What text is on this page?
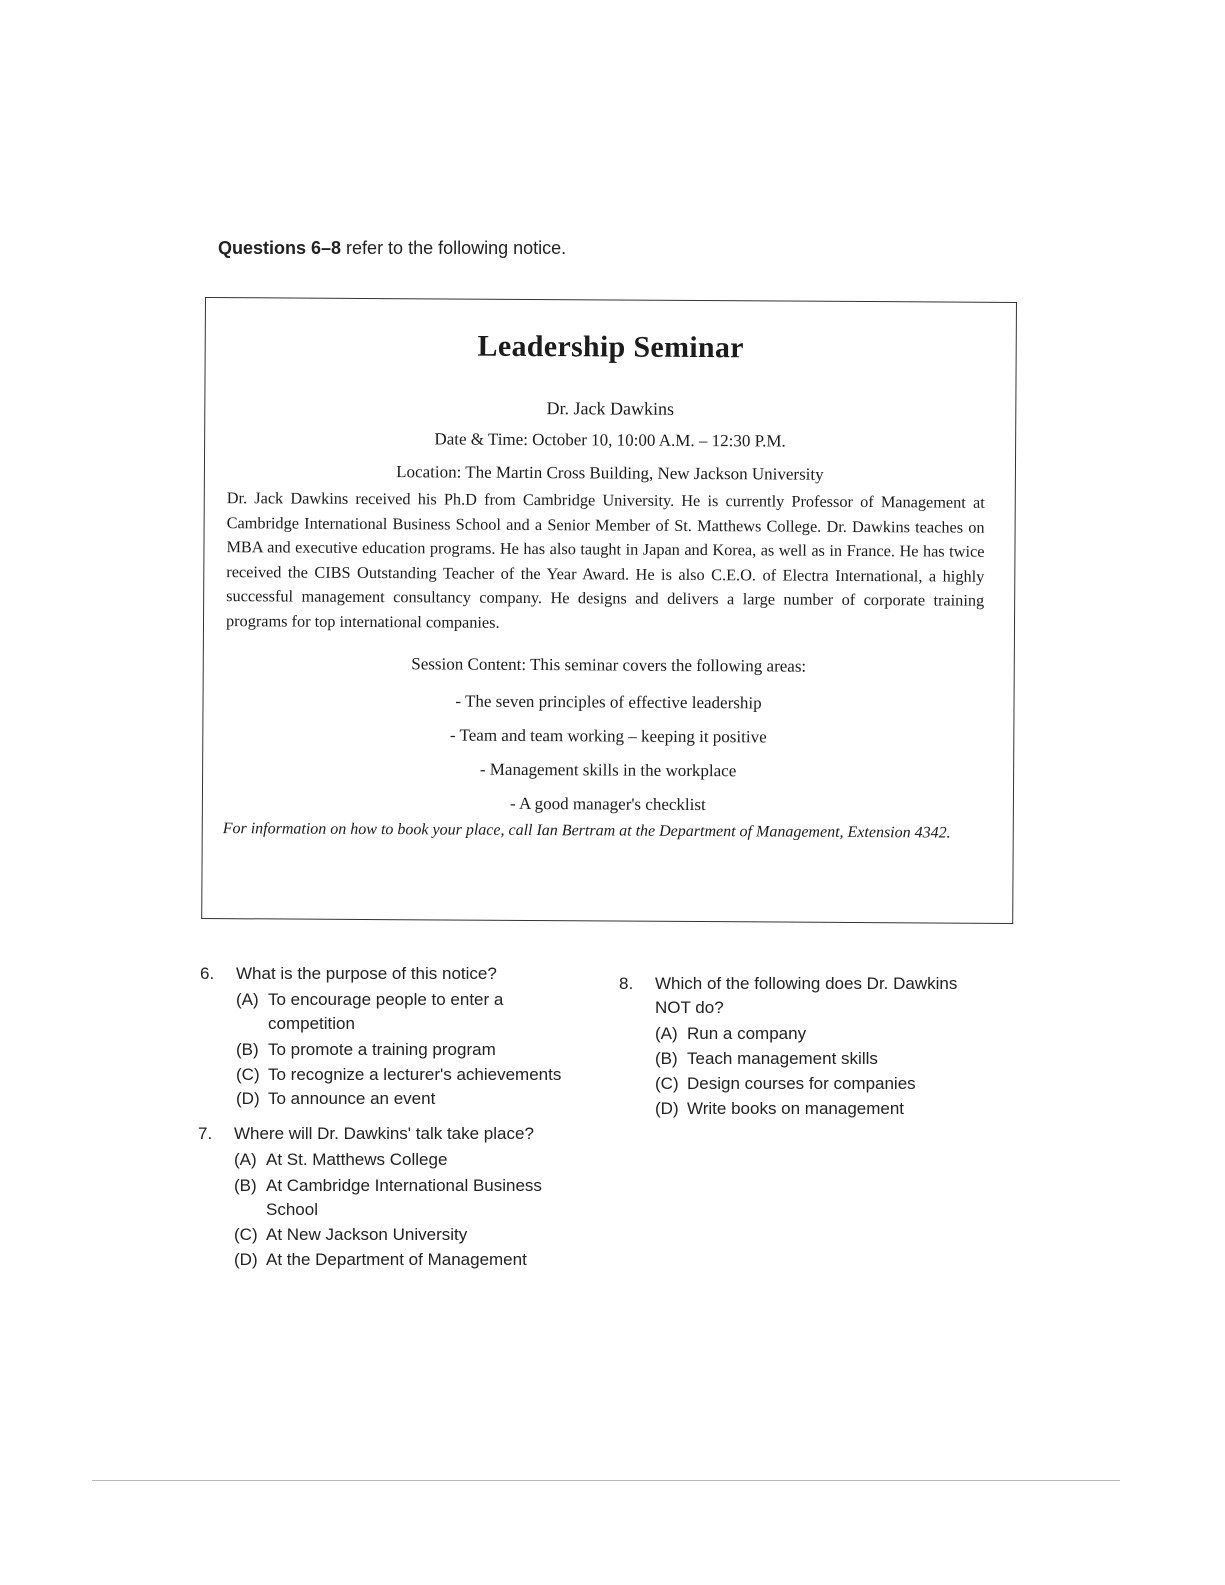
Questions 6–8 refer to the following notice.
Leadership Seminar
Dr. Jack Dawkins
Date & Time: October 10, 10:00 A.M. – 12:30 P.M.
Location: The Martin Cross Building, New Jackson University
Dr. Jack Dawkins received his Ph.D from Cambridge University. He is currently Professor of Management at Cambridge International Business School and a Senior Member of St. Matthews College. Dr. Dawkins teaches on MBA and executive education programs. He has also taught in Japan and Korea, as well as in France. He has twice received the CIBS Outstanding Teacher of the Year Award. He is also C.E.O. of Electra International, a highly successful management consultancy company. He designs and delivers a large number of corporate training programs for top international companies.
Session Content: This seminar covers the following areas:
- The seven principles of effective leadership
- Team and team working – keeping it positive
- Management skills in the workplace
- A good manager's checklist
For information on how to book your place, call Ian Bertram at the Department of Management, Extension 4342.
6. What is the purpose of this notice?
(A) To encourage people to enter a competition
(B) To promote a training program
(C) To recognize a lecturer's achievements
(D) To announce an event
7. Where will Dr. Dawkins' talk take place?
(A) At St. Matthews College
(B) At Cambridge International Business School
(C) At New Jackson University
(D) At the Department of Management
8. Which of the following does Dr. Dawkins NOT do?
(A) Run a company
(B) Teach management skills
(C) Design courses for companies
(D) Write books on management
